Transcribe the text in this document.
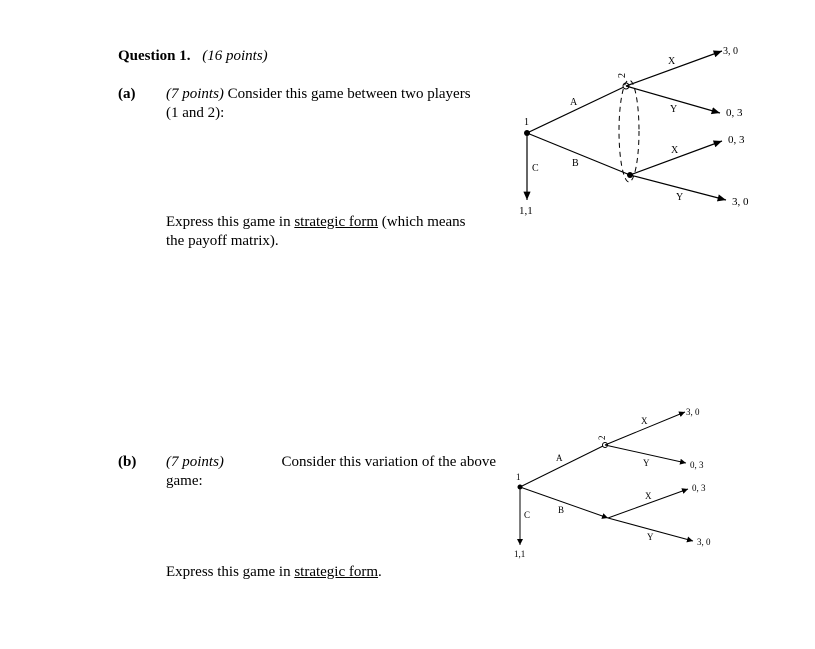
Question 1. (16 points)
(a) (7 points) Consider this game between two players
(1 and 2):
Express this game in strategic form (which means
the payoff matrix).
1
C
1,1
A
B
2
X
3, 0
Y	0, 3
X
0, 3
Y	3, 0
(b) (7 points)	Consider this variation of the above
game:
Express this game in strategic form.
1
C
1,1
A
B
2
X
3, 0
Y	0, 3
X
0, 3
Y	3, 0
